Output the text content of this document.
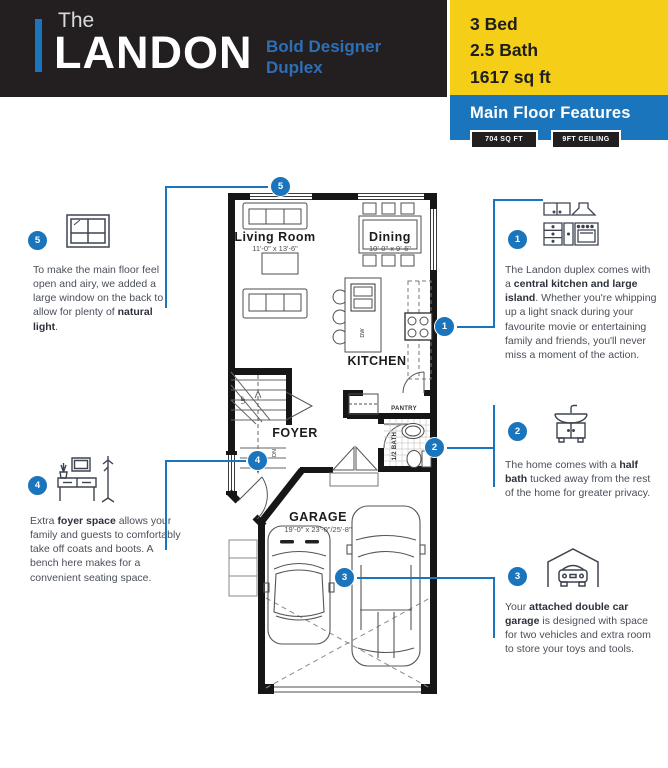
The
LANDON Bold Designer
Duplex
3 Bed
2.5 Bath
1617 sq ft
Main Floor Features
704 SQ FT	9FT CEILING
Living Room
11'-0" x 13'-6"
Dining
10'-0" x 9'-6"
KITCHEN
PANTRY
1/2 BATH
FOYER
GARAGE
19'-0" x 23'-0"/25'-8"
DW
UP
DN
1
2
3
4
5
5

To make the main floor feel open and airy, we added a large window on the back to allow for plenty of natural light.

4

Extra foyer space allows your family and guests to comfortably take off coats and boots. A bench here makes for a convenient seating space.

1

The Landon duplex comes with a central kitchen and large island. Whether you're whipping up a light snack during your favourite movie or entertaining family and friends, you'll never miss a moment of the action.

2

The home comes with a half bath tucked away from the rest of the home for greater privacy.

3

Your attached double car garage is designed with space for two vehicles and extra room to store your toys and tools.
